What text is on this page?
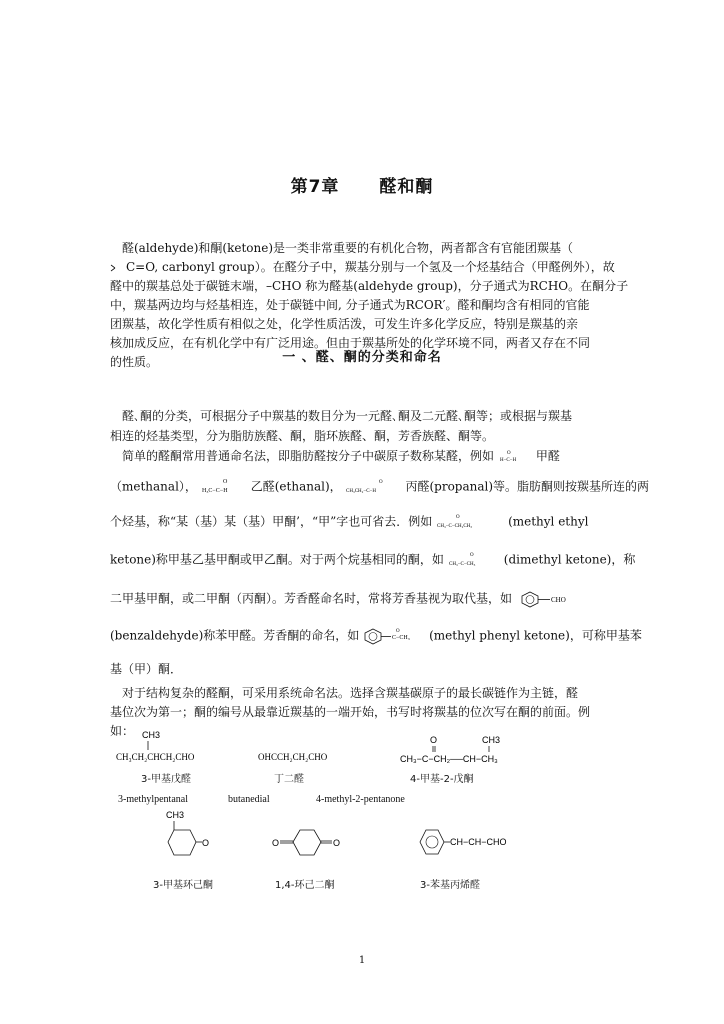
第7章 醛和酮
醛(aldehyde)和酮(ketone)是一类非常重要的有机化合物，两者都含有官能团羰基（
C=O, carbonyl group）。在醛分子中，羰基分别与一个氢及一个烃基结合（甲醛例外），故
醛中的羰基总处于碳链末端，–CHO 称为醛基(aldehyde group)，分子通式为RCHO。在酮分子
中，羰基两边均与烃基相连，处于碳链中间, 分子通式为RCOR′。醛和酮均含有相同的官能
团羰基，故化学性质有相似之处，化学性质活泼，可发生许多化学反应，特别是羰基的亲
核加成反应，在有机化学中有广泛用途。但由于羰基所处的化学环境不同，两者又存在不同
的性质。	一 、醛、酮的分类和命名
醛､酮的分类，可根据分子中羰基的数目分为一元醛､酮及二元醛､酮等；或根据与羰基
相连的烃基类型，分为脂肪族醛、酮，脂环族醛、酮，芳香族醛、酮等。
简单的醛酮常用普通命名法，即脂肪醛按分子中碳原子数称某醛，例如 H−C−H
O 甲醛
（methanal）， H₃C−C−H
O 乙醛(ethanal)， CH₃CH₂−C−H
O 丙醛(propanal)等。脂肪酮则按羰基所连的两
个烃基，称“某（基）某（基）甲酮’，“甲”字也可省去．例如 CH₃−C−CH₂CH₃
O	(methyl ethyl
ketone)称甲基乙基甲酮或甲乙酮。对于两个烷基相同的酮，如 CH₃−C−CH₃
O	(dimethyl ketone)，称
二甲基甲酮，或二甲酮（丙酮）。芳香醛命名时，常将芳香基视为取代基，如	CHO
(benzaldehyde)称苯甲醛。芳香酮的命名，如	C−CH₃
O (methyl phenyl ketone)，可称甲基苯
基（甲）酮．
对于结构复杂的醛酮，可采用系统命名法。选择含羰基碳原子的最长碳链作为主链，醛
基位次为第一；酮的编号从最靠近羰基的一端开始，书写时将羰基的位次写在酮的前面。例
如： CH3
CH₃CH₂CHCH₂CHO	OHCCH₂CH₂CHO
O	CH3
CH₃−C−CH₂──CH−CH₃
3-甲基戊醛	丁二醛	4-甲基-2-戊酮
3-methylpentanal	butanedial	4-methyl-2-pentanone
CH3
O	O	O	CH−CH−CHO
3-甲基环己酮	1,4-环己二酮	3-苯基丙烯醛
1
